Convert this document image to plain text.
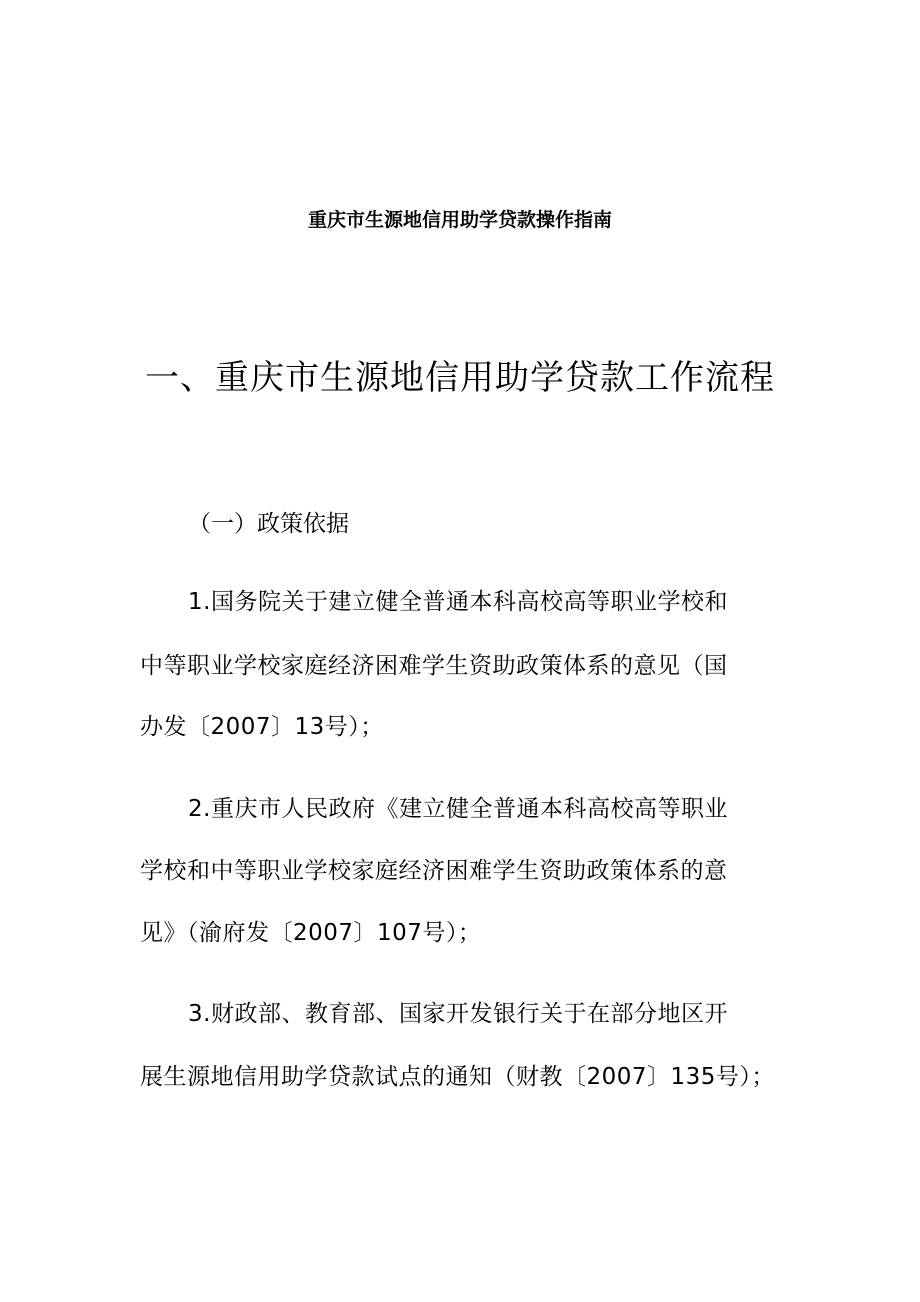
重庆市生源地信用助学贷款操作指南
一、重庆市生源地信用助学贷款工作流程
（一）政策依据
1.国务院关于建立健全普通本科高校高等职业学校和
中等职业学校家庭经济困难学生资助政策体系的意见（国
办发〔2007〕13号）；
2.重庆市人民政府《建立健全普通本科高校高等职业
学校和中等职业学校家庭经济困难学生资助政策体系的意
见》（渝府发〔2007〕107号）；
3.财政部、教育部、国家开发银行关于在部分地区开
展生源地信用助学贷款试点的通知（财教〔2007〕135号）；
